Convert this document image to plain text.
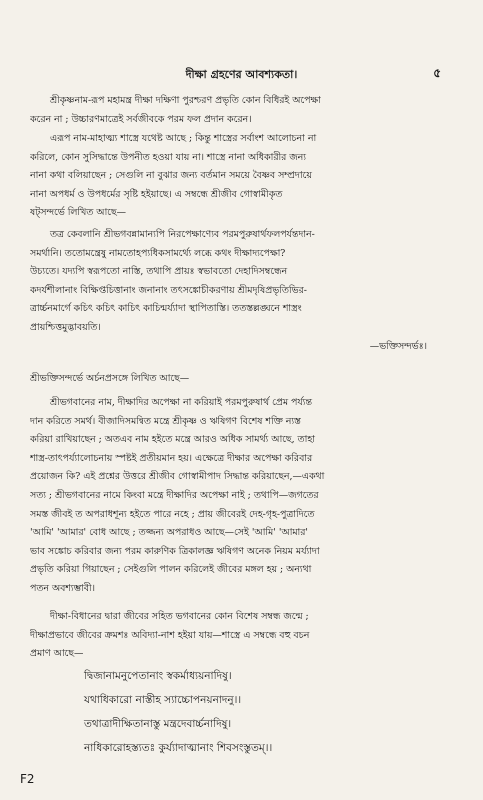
দীক্ষা গ্রহণের আবশ্যকতা।	৫
শ্রীকৃষ্ণনাম-রূপ মহামন্ত্র দীক্ষা দক্ষিণা পুরশ্চরণ প্রভৃতি কোন বিধিরই অপেক্ষা
করেন না ; উচ্চারণমাত্রেই সর্বজীবকে পরম ফল প্রদান করেন।
এরূপ নাম-মাহাত্ম্য শাস্ত্রে যথেষ্ট আছে ; কিন্তু শাস্ত্রের সর্বাংশ আলোচনা না
করিলে, কোন সুসিদ্ধান্তে উপনীত হওয়া যায় না। শাস্ত্রে নানা অধিকারীর জন্য
নানা কথা বলিয়াছেন ; সেগুলি না বুঝার জন্য বর্তমান সময়ে বৈষ্ণব সম্প্রদায়ে
নানা অপধর্ম ও উপধর্মের সৃষ্টি হইয়াছে। এ সম্বন্ধে শ্রীজীব গোস্বামীকৃত
ষট্সন্দর্ভে লিখিত আছে—
তত্র কেবলানি শ্রীভগবন্নামান্যপি নিরপেক্ষাণ্যেব পরমপুরুষার্থফলপর্যন্তদান-
সমর্থানি। ততোমন্ত্রেষু নামতোহপ্যধিকসামর্থ্যে লব্ধে কথং দীক্ষাদ্যপেক্ষা?
উচ্যতে। যদ্যপি স্বরূপতো নাস্তি, তথাপি প্রায়ঃ স্বভাবতো দেহাদিসম্বন্ধেন
কদর্যশীলানাং বিক্ষিপ্তচিত্তানাং জনানাং তৎসঙ্কোচীকরণায় শ্রীমদৃষিপ্রভৃতিভির-
ত্রার্চ্চনমার্গে কচিৎ কচিৎ কাচিৎ কাচিন্মর্য্যাদা স্থাপিতাস্তি। ততস্তল্লঙ্ঘনে শাস্ত্রং
প্রায়শ্চিত্তমুদ্ভাবয়তি।
—ভক্তিসন্দর্ভঃ।
শ্রীভক্তিসন্দর্ভে অর্চনপ্রসঙ্গে লিখিত আছে—
শ্রীভগবানের নাম, দীক্ষাদির অপেক্ষা না করিয়াই পরমপুরুষার্থ প্রেম পর্য্যন্ত
দান করিতে সমর্থ। বীজাদিসমন্বিত মন্ত্রে শ্রীকৃষ্ণ ও ঋষিগণ বিশেষ শক্তি ন্যস্ত
করিয়া রাখিয়াছেন ; অতএব নাম হইতে মন্ত্রে আরও অধিক সামর্থ্য আছে, তাহা
শাস্ত্র-তাৎপর্য্যালোচনায় স্পষ্টই প্রতীয়মান হয়। এক্ষেত্রে দীক্ষার অপেক্ষা করিবার
প্রয়োজন কি? এই প্রশ্নের উত্তরে শ্রীজীব গোস্বামীপাদ সিদ্ধান্ত করিয়াছেন,—একথা
সত্য ; শ্রীভগবানের নামে কিংবা মন্ত্রে দীক্ষাদির অপেক্ষা নাই ; তথাপি—জগতের
সমস্ত জীবই ত অপরাধশূন্য হইতে পারে নহে ; প্রায় জীবেরই দেহ-গৃহ-পুত্রাদিতে
'আমি' 'আমার' বোধ আছে ; তজ্জন্য অপরাধও আছে—সেই 'আমি' 'আমার'
ভাব সঙ্কোচ করিবার জন্য পরম কারুণিক ত্রিকালজ্ঞ ঋষিগণ অনেক নিয়ম মর্য্যাদা
প্রভৃতি করিয়া গিয়াছেন ; সেইগুলি পালন করিলেই জীবের মঙ্গল হয় ; অন্যথা
পতন অবশ্যম্ভাবী।
দীক্ষা-বিধানের দ্বারা জীবের সহিত ভগবানের কোন বিশেষ সম্বন্ধ জন্মে ;
দীক্ষাপ্রভাবে জীবের ক্রমশঃ অবিদ্যা-নাশ হইয়া যায়—শাস্ত্রে এ সম্বন্ধে বহু বচন
প্রমাণ আছে—
দ্বিজানামনুপেতানাং স্বকর্মাধ্যয়নাদিষু।
যথাধিকারো নাস্তীহ স্যাচ্চোপনয়নাদনু।।
তথাত্রাদীক্ষিতানাস্তু মন্ত্রদেবার্চ্চনাদিষু।
নাধিকারোহস্ত্যতঃ কুর্য্যাদাত্মানাং শিবসংস্তুতম্।।
F2
